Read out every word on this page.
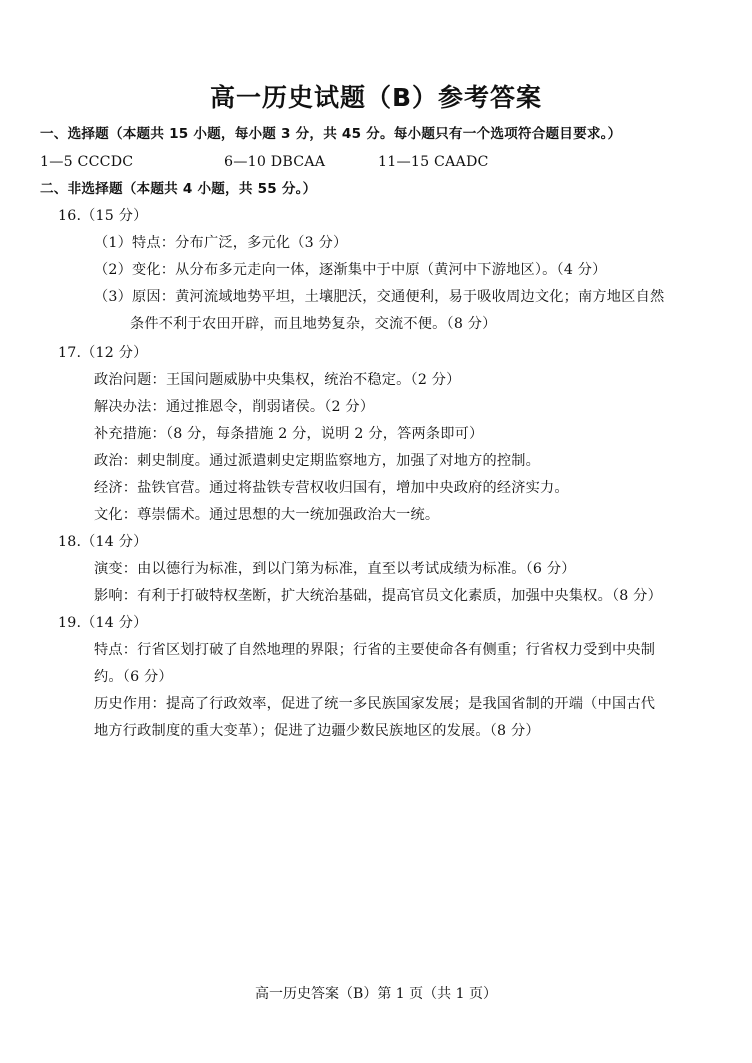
高一历史试题（B）参考答案
一、选择题（本题共 15 小题，每小题 3 分，共 45 分。每小题只有一个选项符合题目要求。）
1—5 CCCDC	6—10 DBCAA	11—15 CAADC
二、非选择题（本题共 4 小题，共 55 分。）
16.（15 分）
（1）特点：分布广泛，多元化（3 分）
（2）变化：从分布多元走向一体，逐渐集中于中原（黄河中下游地区）。（4 分）
（3）原因：黄河流域地势平坦，土壤肥沃，交通便利，易于吸收周边文化；南方地区自然
条件不利于农田开辟，而且地势复杂，交流不便。（8 分）
17.（12 分）
政治问题：王国问题威胁中央集权，统治不稳定。（2 分）
解决办法：通过推恩令，削弱诸侯。（2 分）
补充措施：（8 分，每条措施 2 分，说明 2 分，答两条即可）
政治：刺史制度。通过派遣刺史定期监察地方，加强了对地方的控制。
经济：盐铁官营。通过将盐铁专营权收归国有，增加中央政府的经济实力。
文化：尊崇儒术。通过思想的大一统加强政治大一统。
18.（14 分）
演变：由以德行为标准，到以门第为标准，直至以考试成绩为标准。（6 分）
影响：有利于打破特权垄断，扩大统治基础，提高官员文化素质，加强中央集权。（8 分）
19.（14 分）
特点：行省区划打破了自然地理的界限；行省的主要使命各有侧重；行省权力受到中央制
约。（6 分）
历史作用：提高了行政效率，促进了统一多民族国家发展；是我国省制的开端（中国古代
地方行政制度的重大变革）；促进了边疆少数民族地区的发展。（8 分）
高一历史答案（B）第 1 页（共 1 页）
